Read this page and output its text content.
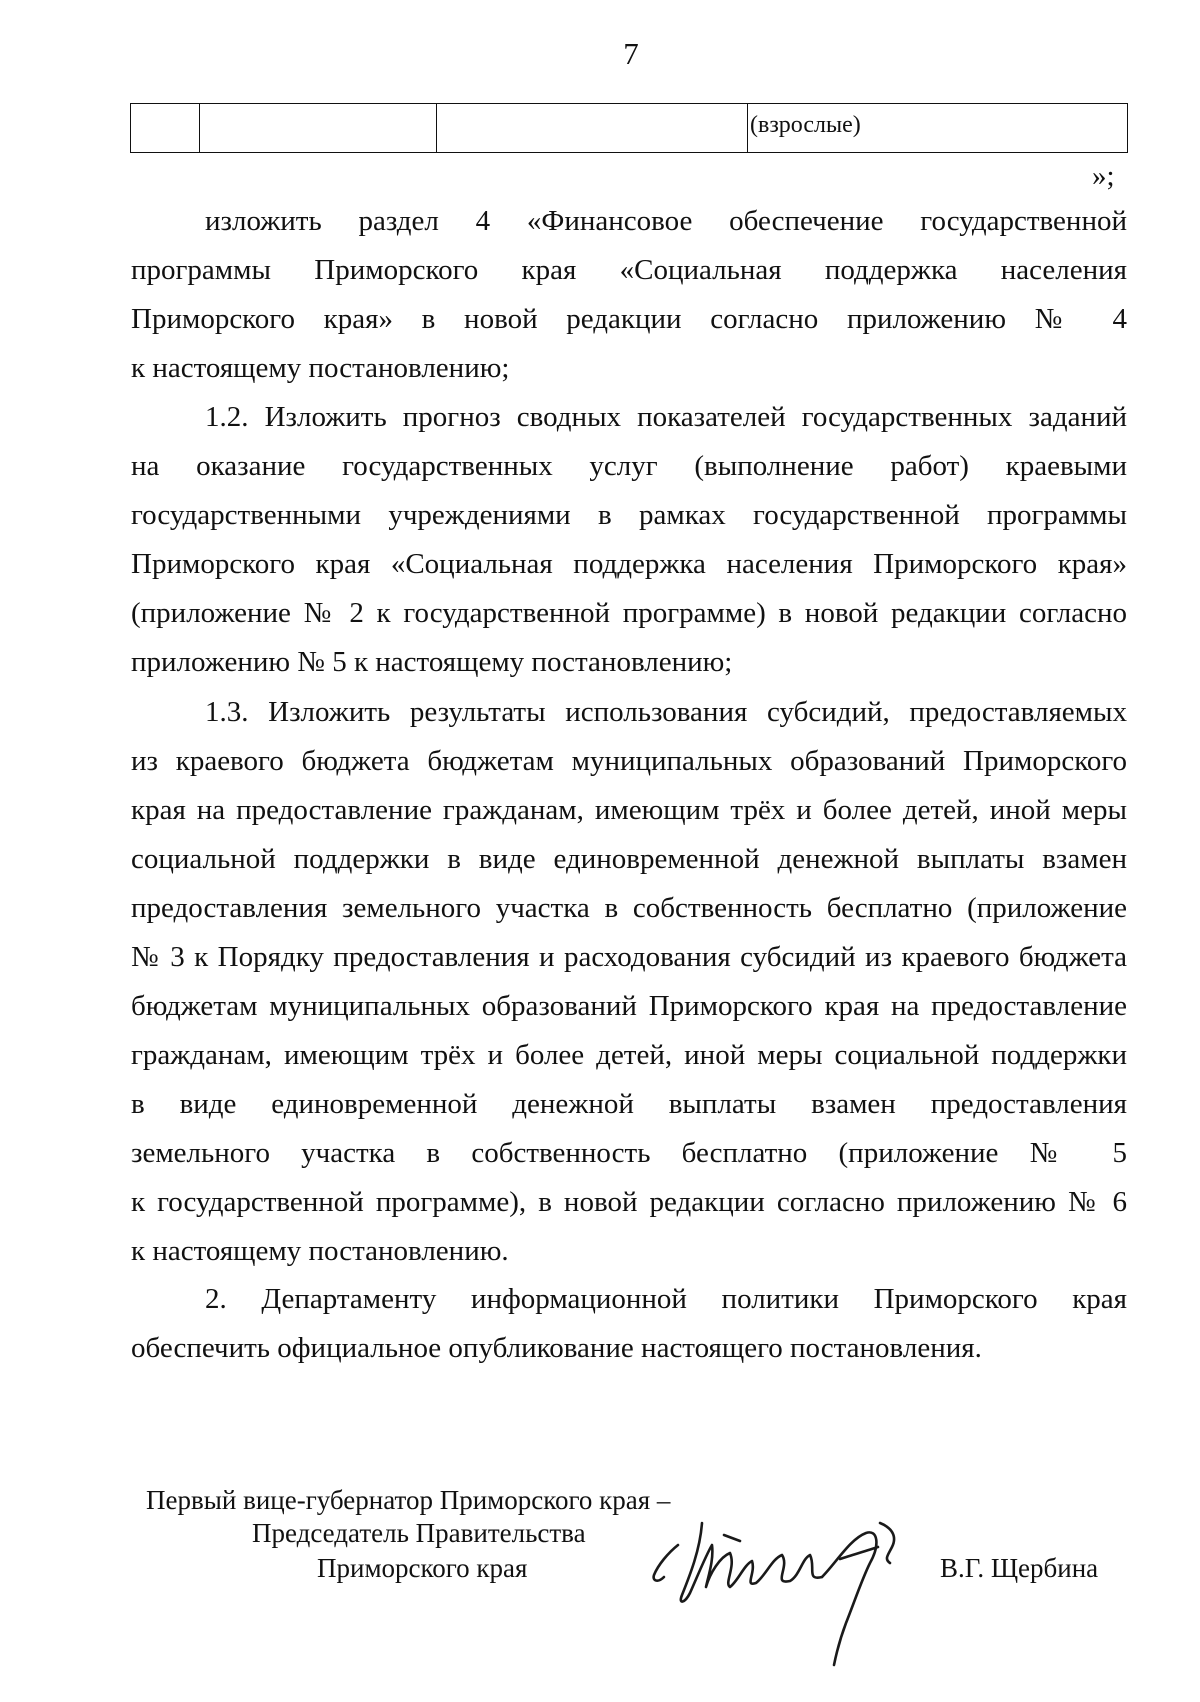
7
			(взрослые)
»;
изложить раздел 4 «Финансовое обеспечение государственной
программы Приморского края «Социальная поддержка населения
Приморского края» в новой редакции согласно приложению № 4
к настоящему постановлению;
1.2. Изложить прогноз сводных показателей государственных заданий
на оказание государственных услуг (выполнение работ) краевыми
государственными учреждениями в рамках государственной программы
Приморского края «Социальная поддержка населения Приморского края»
(приложение № 2 к государственной программе) в новой редакции согласно
приложению № 5 к настоящему постановлению;
1.3. Изложить результаты использования субсидий, предоставляемых
из краевого бюджета бюджетам муниципальных образований Приморского
края на предоставление гражданам, имеющим трёх и более детей, иной меры
социальной поддержки в виде единовременной денежной выплаты взамен
предоставления земельного участка в собственность бесплатно (приложение
№ 3 к Порядку предоставления и расходования субсидий из краевого бюджета
бюджетам муниципальных образований Приморского края на предоставление
гражданам, имеющим трёх и более детей, иной меры социальной поддержки
в виде единовременной денежной выплаты взамен предоставления
земельного участка в собственность бесплатно (приложение № 5
к государственной программе), в новой редакции согласно приложению № 6
к настоящему постановлению.
2. Департаменту информационной политики Приморского края
обеспечить официальное опубликование настоящего постановления.
Первый вице-губернатор Приморского края –
Председатель Правительства
Приморского края	В.Г. Щербина
